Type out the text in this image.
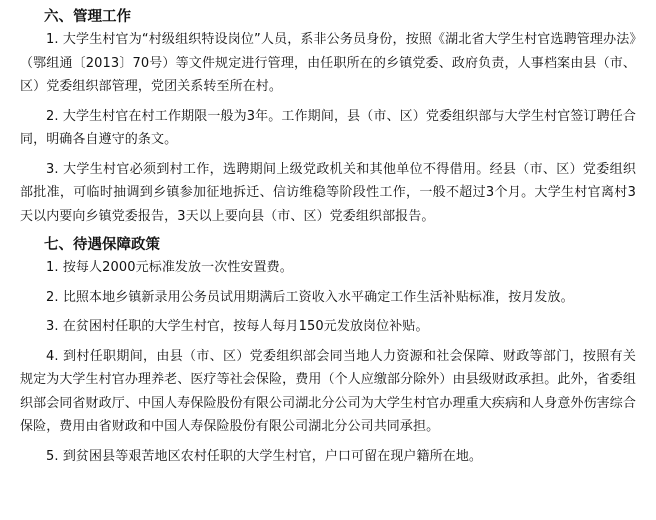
六、管理工作

1. 大学生村官为“村级组织特设岗位”人员，系非公务员身份，按照《湖北省大学生村官选聘管理办法》（鄂组通〔2013〕70号）等文件规定进行管理，由任职所在的乡镇党委、政府负责，人事档案由县（市、区）党委组织部管理，党团关系转至所在村。

2. 大学生村官在村工作期限一般为3年。工作期间，县（市、区）党委组织部与大学生村官签订聘任合同，明确各自遵守的条文。

3. 大学生村官必须到村工作，选聘期间上级党政机关和其他单位不得借用。经县（市、区）党委组织部批准，可临时抽调到乡镇参加征地拆迁、信访维稳等阶段性工作，一般不超过3个月。大学生村官离村3天以内要向乡镇党委报告，3天以上要向县（市、区）党委组织部报告。

七、待遇保障政策

1. 按每人2000元标准发放一次性安置费。

2. 比照本地乡镇新录用公务员试用期满后工资收入水平确定工作生活补贴标准，按月发放。

3. 在贫困村任职的大学生村官，按每人每月150元发放岗位补贴。

4. 到村任职期间，由县（市、区）党委组织部会同当地人力资源和社会保障、财政等部门，按照有关规定为大学生村官办理养老、医疗等社会保险，费用（个人应缴部分除外）由县级财政承担。此外，省委组织部会同省财政厅、中国人寿保险股份有限公司湖北分公司为大学生村官办理重大疾病和人身意外伤害综合保险，费用由省财政和中国人寿保险股份有限公司湖北分公司共同承担。

5. 到贫困县等艰苦地区农村任职的大学生村官，户口可留在现户籍所在地。
